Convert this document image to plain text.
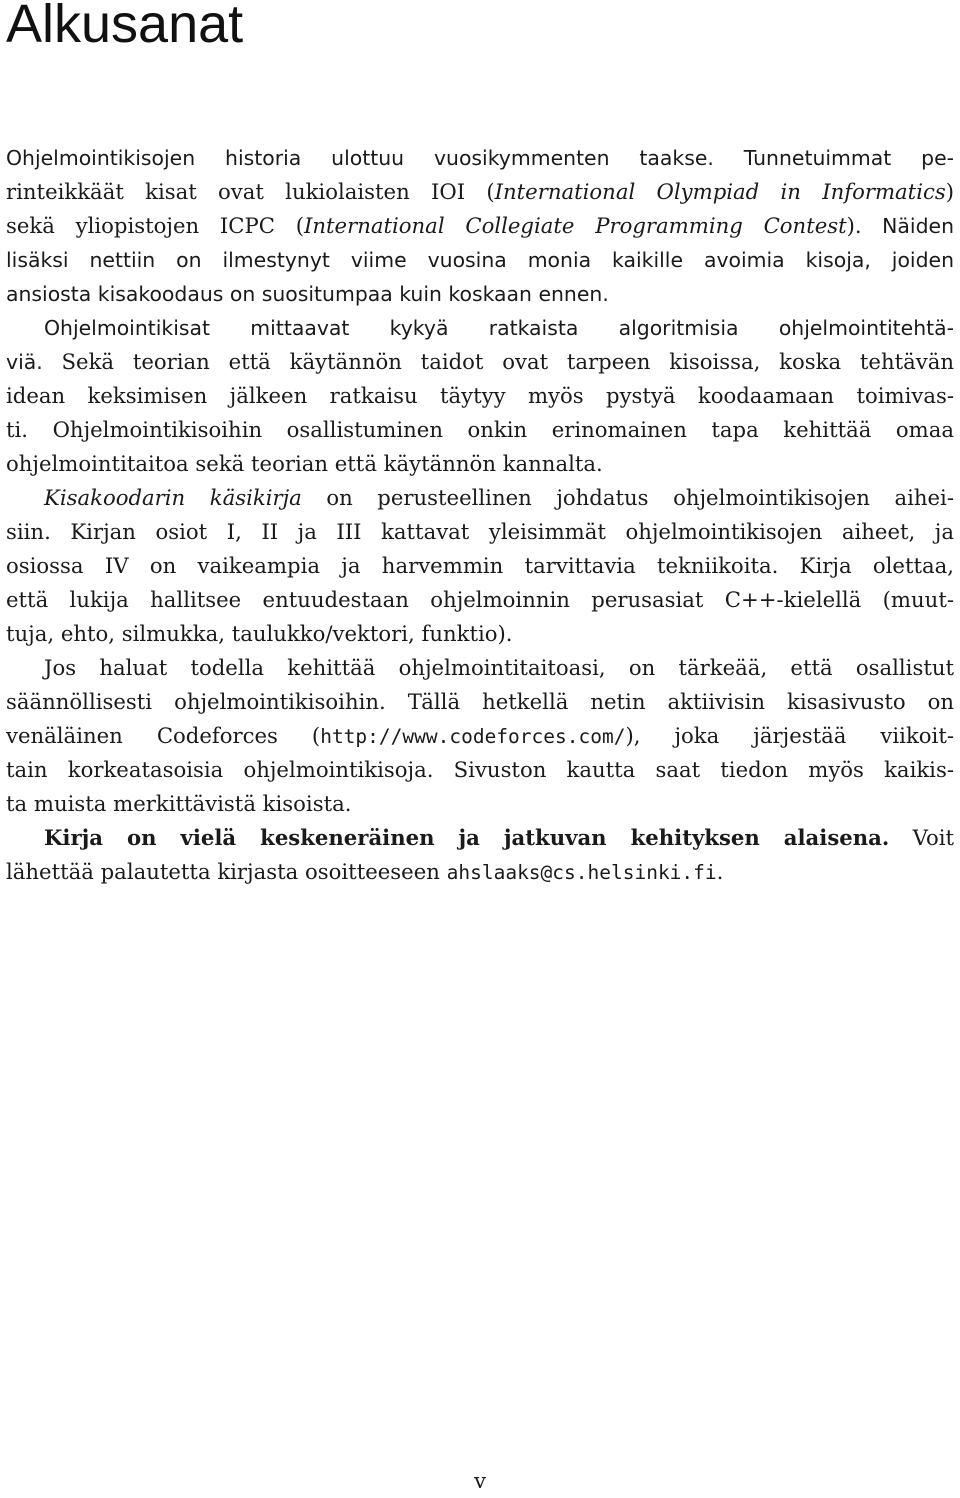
Alkusanat
Ohjelmointikisojen historia ulottuu vuosikymmenten taakse. Tunnetuimmat pe-
rinteikkäät kisat ovat lukiolaisten IOI (International Olympiad in Informatics)
sekä yliopistojen ICPC (International Collegiate Programming Contest). Näiden
lisäksi nettiin on ilmestynyt viime vuosina monia kaikille avoimia kisoja, joiden
ansiosta kisakoodaus on suositumpaa kuin koskaan ennen.
Ohjelmointikisat mittaavat kykyä ratkaista algoritmisia ohjelmointitehtä-
viä. Sekä teorian että käytännön taidot ovat tarpeen kisoissa, koska tehtävän
idean keksimisen jälkeen ratkaisu täytyy myös pystyä koodaamaan toimivas-
ti. Ohjelmointikisoihin osallistuminen onkin erinomainen tapa kehittää omaa
ohjelmointitaitoa sekä teorian että käytännön kannalta.
Kisakoodarin käsikirja on perusteellinen johdatus ohjelmointikisojen aihei-
siin. Kirjan osiot I, II ja III kattavat yleisimmät ohjelmointikisojen aiheet, ja
osiossa IV on vaikeampia ja harvemmin tarvittavia tekniikoita. Kirja olettaa,
että lukija hallitsee entuudestaan ohjelmoinnin perusasiat C++-kielellä (muut-
tuja, ehto, silmukka, taulukko/vektori, funktio).
Jos haluat todella kehittää ohjelmointitaitoasi, on tärkeää, että osallistut
säännöllisesti ohjelmointikisoihin. Tällä hetkellä netin aktiivisin kisasivusto on
venäläinen Codeforces (http://www.codeforces.com/), joka järjestää viikoit-
tain korkeatasoisia ohjelmointikisoja. Sivuston kautta saat tiedon myös kaikis-
ta muista merkittävistä kisoista.
Kirja on vielä keskeneräinen ja jatkuvan kehityksen alaisena. Voit
lähettää palautetta kirjasta osoitteeseen ahslaaks@cs.helsinki.fi.
v
